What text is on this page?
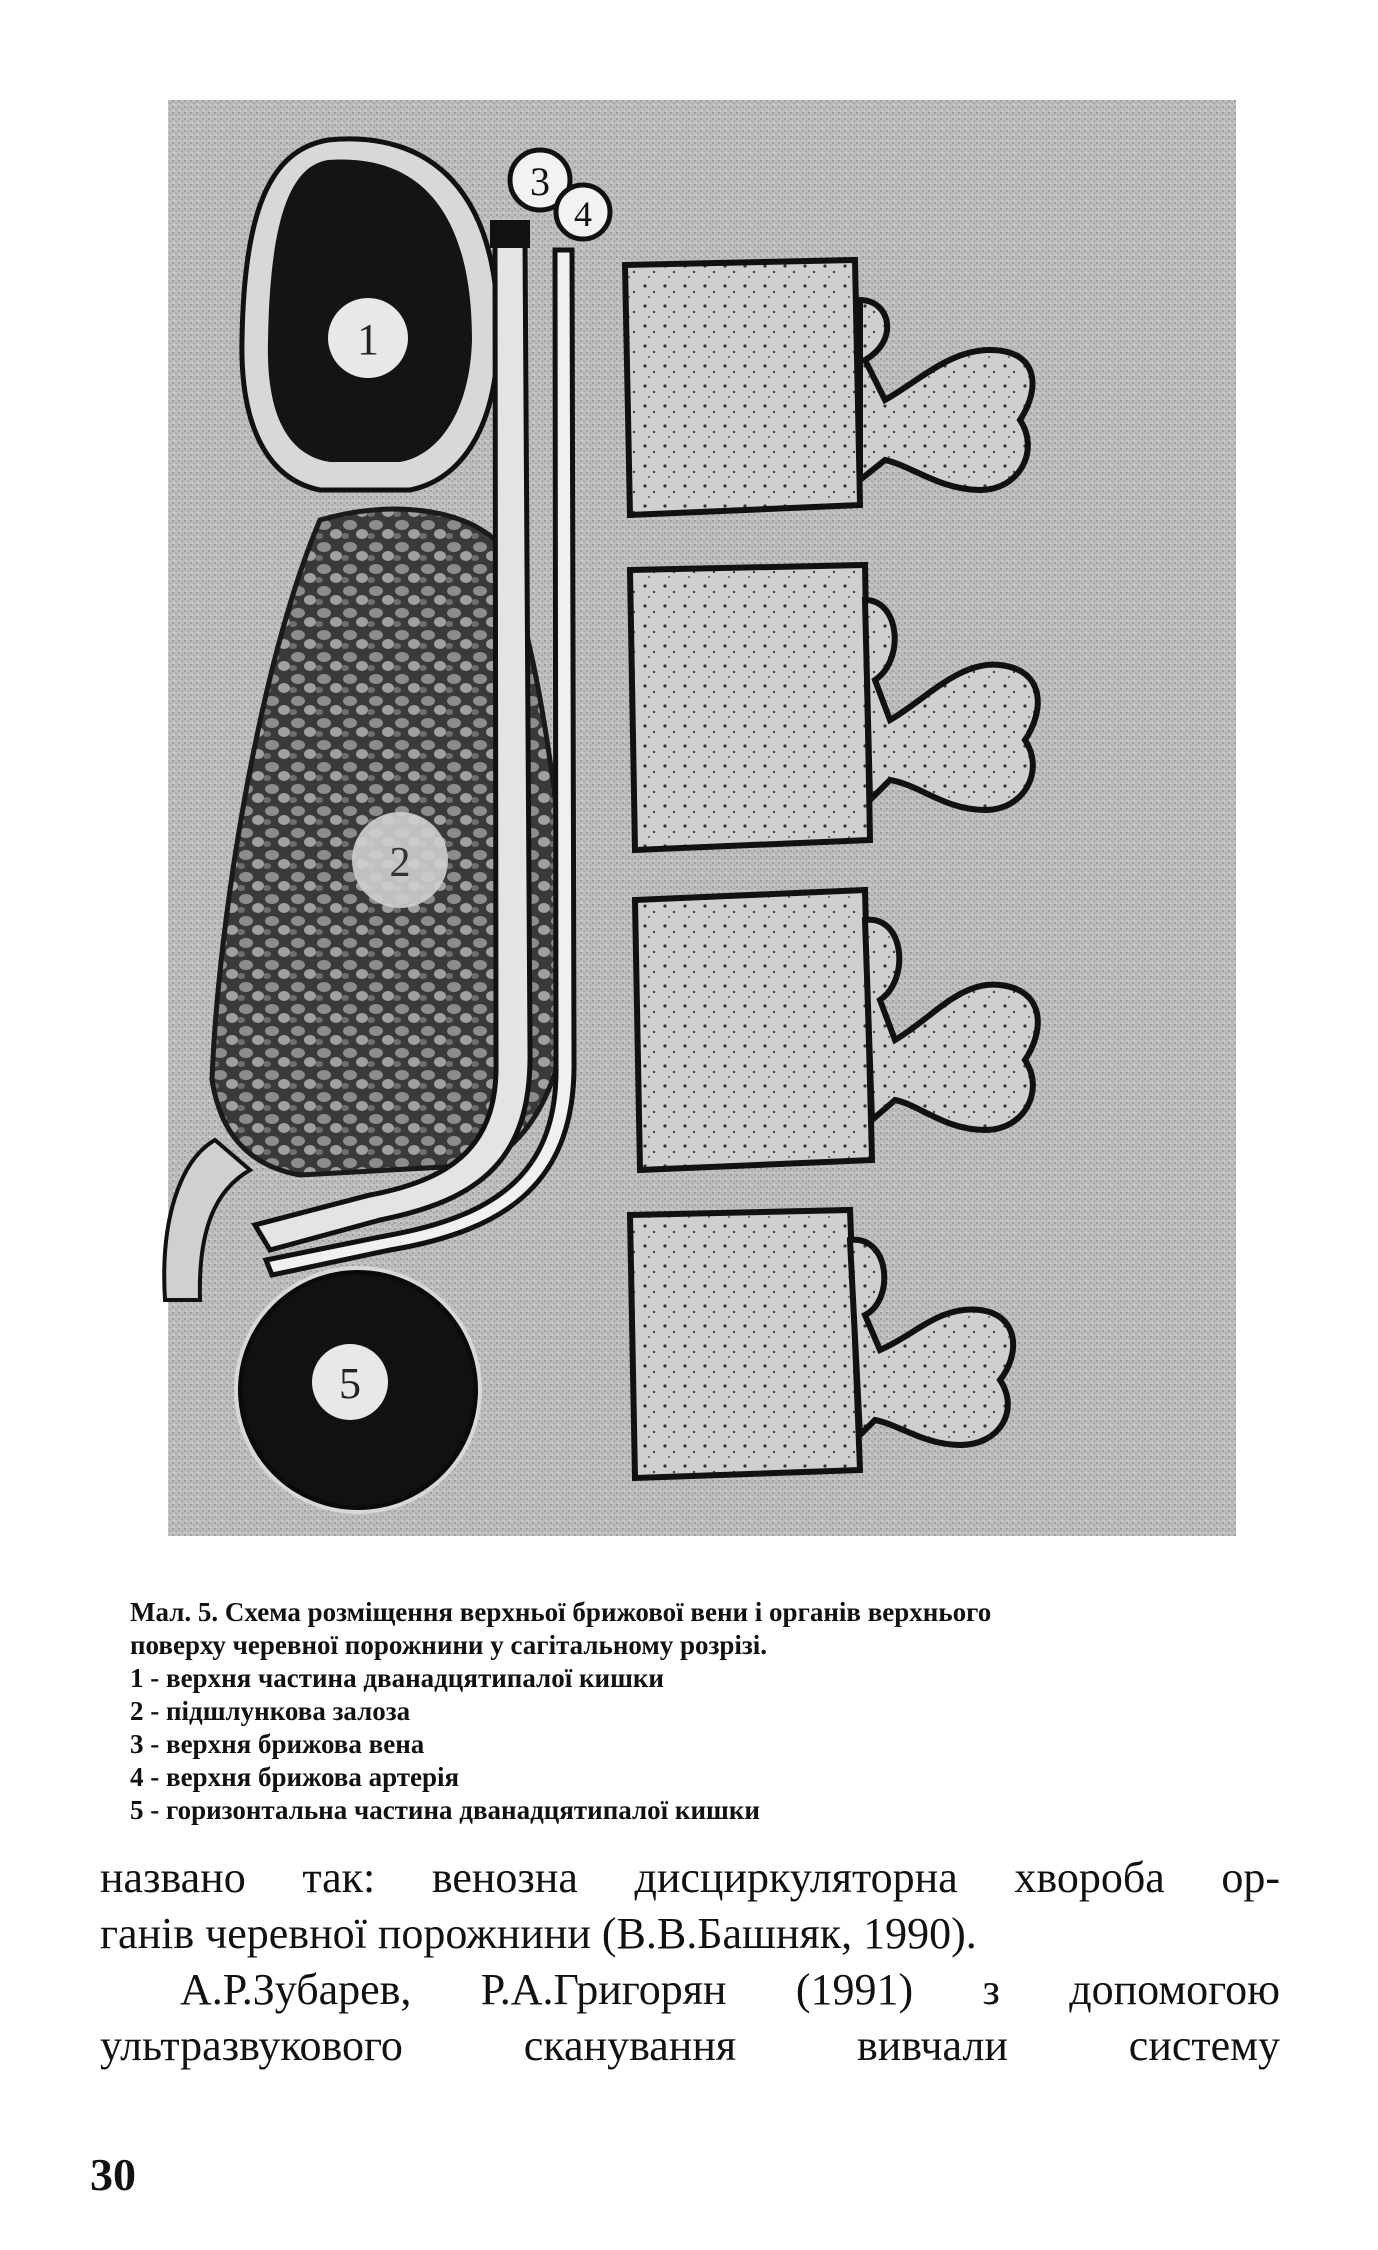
1
2
3
4
5
Мал. 5. Схема розміщення верхньої брижової вени і органів верхнього
поверху черевної порожнини у сагітальному розрізі.
1 - верхня частина дванадцятипалої кишки
2 - підшлункова залоза
3 - верхня брижова вена
4 - верхня брижова артерія
5 - горизонтальна частина дванадцятипалої кишки
названо так: венозна дисциркуляторна хвороба ор-
ганів черевної порожнини (В.В.Башняк, 1990).
А.Р.Зубарев, Р.А.Григорян (1991) з допомогою
ультразвукового сканування вивчали систему
30
